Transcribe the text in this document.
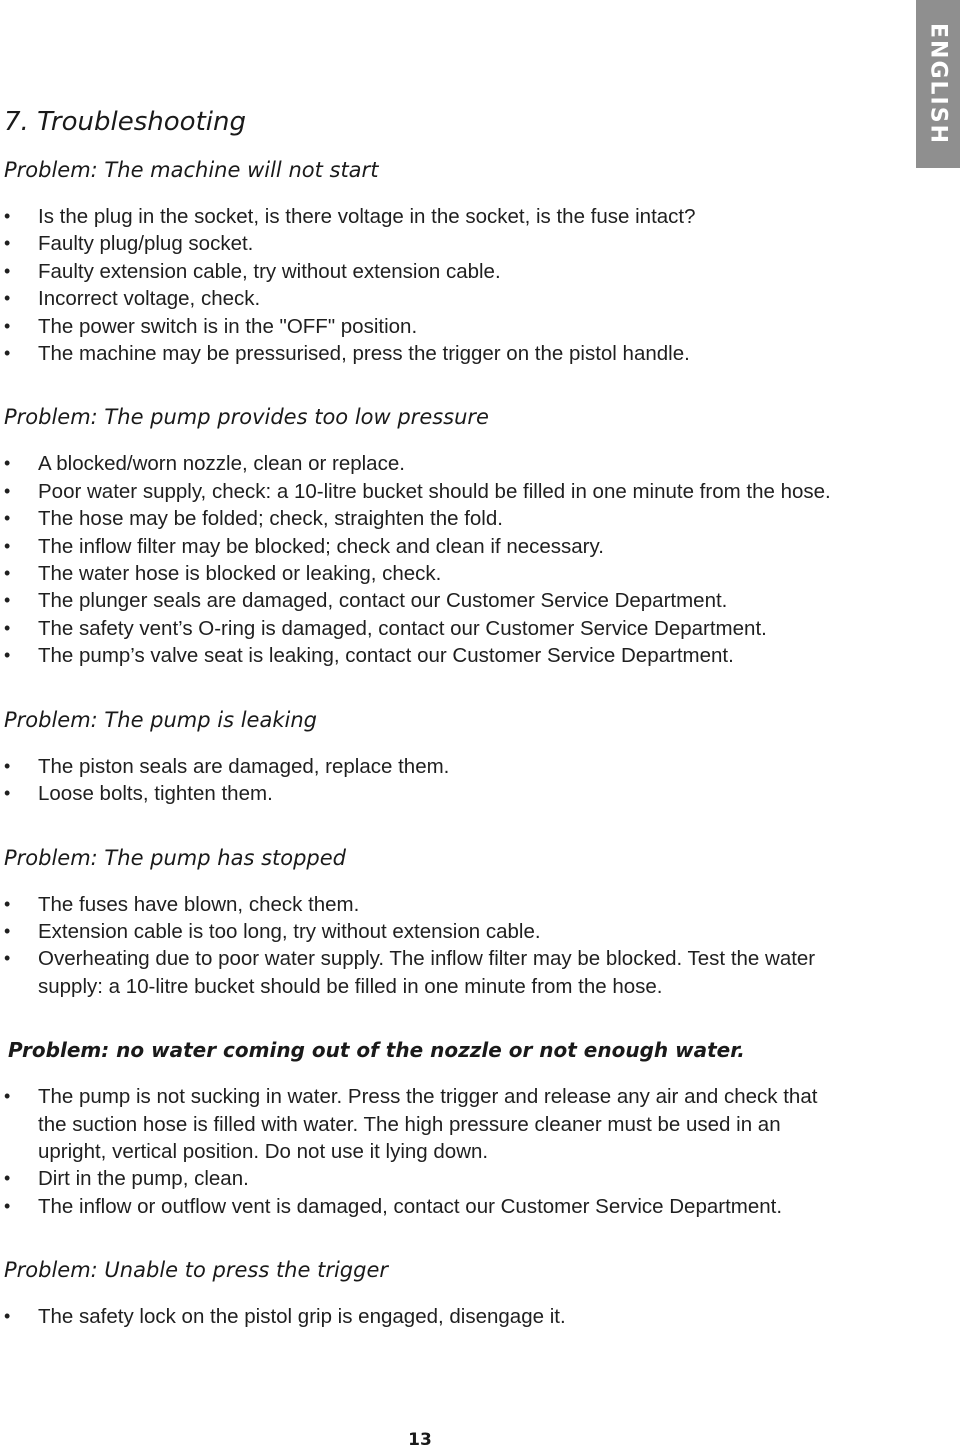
ENGLISH
7. Troubleshooting
Problem: The machine will not start
• Is the plug in the socket, is there voltage in the socket, is the fuse intact?
• Faulty plug/plug socket.
• Faulty extension cable, try without extension cable.
• Incorrect voltage, check.
• The power switch is in the "OFF" position.
• The machine may be pressurised, press the trigger on the pistol handle.
Problem: The pump provides too low pressure
• A blocked/worn nozzle, clean or replace.
• Poor water supply, check: a 10-litre bucket should be filled in one minute from the hose.
• The hose may be folded; check, straighten the fold.
• The inflow filter may be blocked; check and clean if necessary.
• The water hose is blocked or leaking, check.
• The plunger seals are damaged, contact our Customer Service Department.
• The safety vent’s O-ring is damaged, contact our Customer Service Department.
• The pump’s valve seat is leaking, contact our Customer Service Department.
Problem: The pump is leaking
• The piston seals are damaged, replace them.
• Loose bolts, tighten them.
Problem: The pump has stopped
• The fuses have blown, check them.
• Extension cable is too long, try without extension cable.
• Overheating due to poor water supply. The inflow filter may be blocked. Test the water supply: a 10-litre bucket should be filled in one minute from the hose.
Problem: no water coming out of the nozzle or not enough water.
• The pump is not sucking in water. Press the trigger and release any air and check that the suction hose is filled with water. The high pressure cleaner must be used in an upright, vertical position. Do not use it lying down.
• Dirt in the pump, clean.
• The inflow or outflow vent is damaged, contact our Customer Service Department.
Problem: Unable to press the trigger
• The safety lock on the pistol grip is engaged, disengage it.
13
